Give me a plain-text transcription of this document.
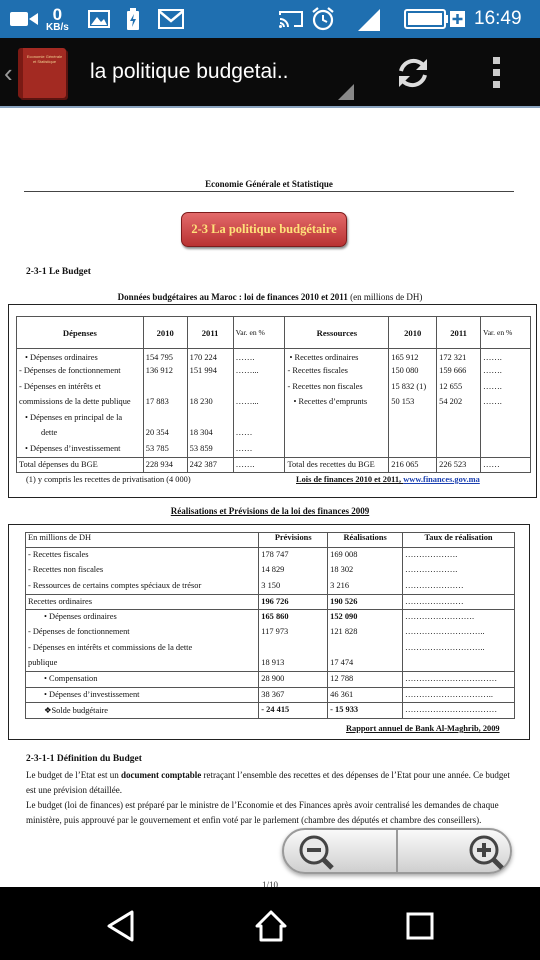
0
KB/s	16:49
‹
Economie Générale
et Statistique	la politique budgetai..
Economie Générale et Statistique
2-3 La politique budgétaire
2-3-1 Le Budget
Données budgétaires au Maroc : loi de finances 2010 et 2011 (en millions de DH)
Dépenses	2010	2011	Var. en %	Ressources	2010	2011	Var. en %
• Dépenses ordinaires	154 795	170 224	…….	• Recettes ordinaires	165 912	172 321	…….
- Dépenses de fonctionnement	136 912	151 994	……...	- Recettes fiscales	150 080	159 666	…….
- Dépenses en intérêts et				- Recettes non fiscales	15 832 (1)	12 655	…….
commissions de la dette publique	17 883	18 230	……...	• Recettes d’emprunts	50 153	54 202	…….
• Dépenses en principal de la							
dette	20 354	18 304	……				
• Dépenses d’investissement	53 785	53 859	……				
Total dépenses du BGE	228 934	242 387	…….	Total des recettes du BGE	216 065	226 523	……
(1) y compris les recettes de privatisation (4 000)	Lois de finances 2010 et 2011, www.finances.gov.ma
Réalisations et Prévisions de la loi des finances 2009
En millions de DH	Prévisions	Réalisations	Taux de réalisation
- Recettes fiscales	178 747	169 008	……………….
- Recettes non fiscales	14 829	18 302	……………….
- Ressources de certains comptes spéciaux de trésor	3 150	3 216	…………………
Recettes ordinaires	196 726	190 526	…………………
• Dépenses ordinaires	165 860	152 090	…………………….
- Dépenses de fonctionnement	117 973	121 828	………………………..
- Dépenses en intérêts et commissions de la dette			………………………..
publique	18 913	17 474	
• Compensation	28 900	12 788	……………………………
• Dépenses d’investissement	38 367	46 361	…………………………..
❖Solde budgétaire	- 24 415	- 15 933	……………………………
Rapport annuel de Bank Al-Maghrib, 2009
2-3-1-1 Définition du Budget
Le budget de l’Etat est un document comptable retraçant l’ensemble des recettes et des dépenses de l’Etat pour une année. Ce budget est une prévision détaillée.
Le budget (loi de finances) est préparé par le ministre de l’Economie et des Finances après avoir centralisé les demandes de chaque ministère, puis approuvé par le gouvernement et enfin voté par le parlement (chambre des députés et chambre des conseillers).
1/10
